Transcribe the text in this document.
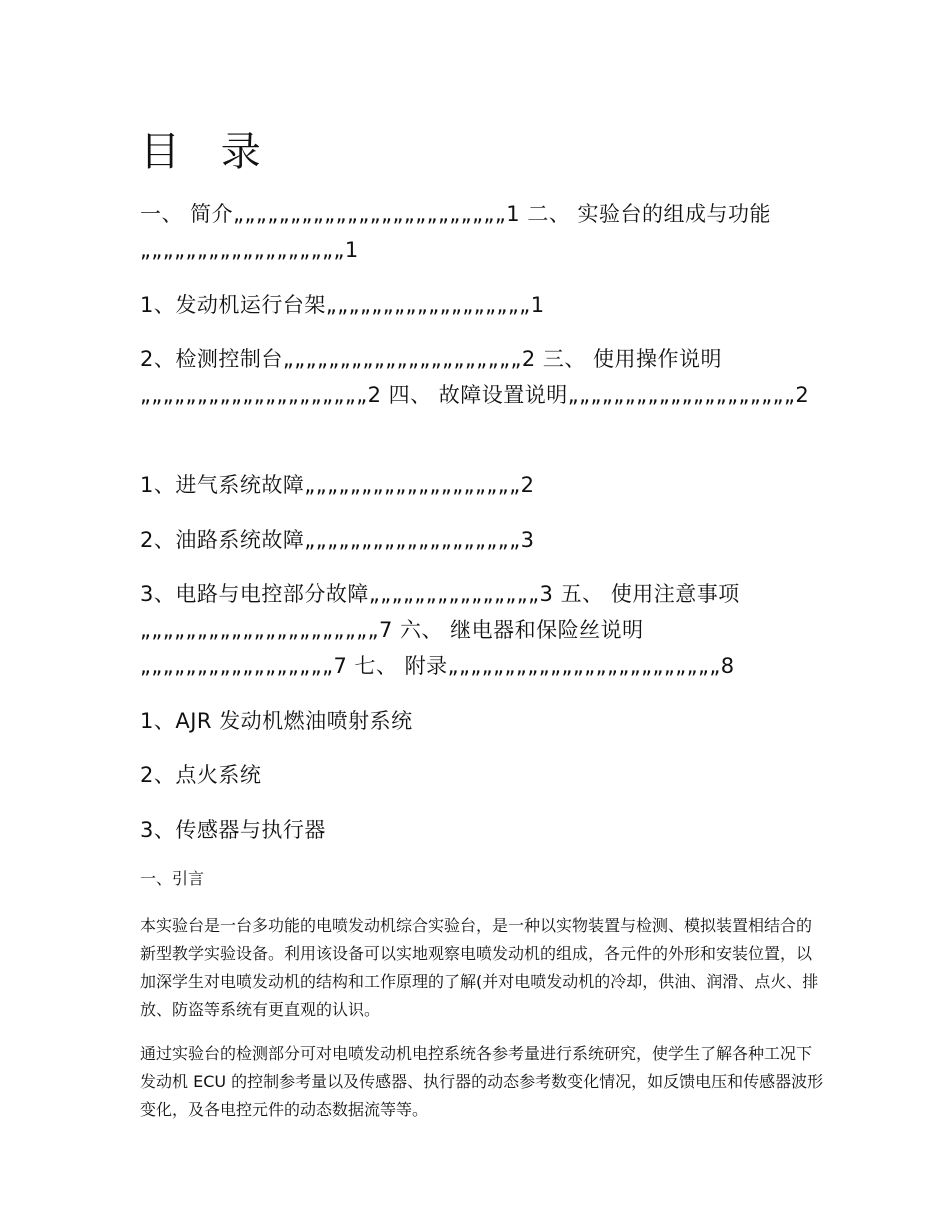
目 录

一、 简介„„„„„„„„„„„„„„„„„„„„„„„„1 二、 实验台的组成与功能„„„„„„„„„„„„„„„„„„1

1、发动机运行台架„„„„„„„„„„„„„„„„„„1

2、检测控制台„„„„„„„„„„„„„„„„„„„„„2 三、 使用操作说明„„„„„„„„„„„„„„„„„„„„2 四、 故障设置说明„„„„„„„„„„„„„„„„„„„„2

1、进气系统故障„„„„„„„„„„„„„„„„„„„2

2、油路系统故障„„„„„„„„„„„„„„„„„„„3

3、电路与电控部分故障„„„„„„„„„„„„„„„3 五、 使用注意事项„„„„„„„„„„„„„„„„„„„„„7 六、 继电器和保险丝说明„„„„„„„„„„„„„„„„„7 七、 附录„„„„„„„„„„„„„„„„„„„„„„„„8

1、AJR 发动机燃油喷射系统

2、点火系统

3、传感器与执行器

一、引言

本实验台是一台多功能的电喷发动机综合实验台，是一种以实物装置与检测、模拟装置相结合的新型教学实验设备。利用该设备可以实地观察电喷发动机的组成，各元件的外形和安装位置，以加深学生对电喷发动机的结构和工作原理的了解(并对电喷发动机的冷却，供油、润滑、点火、排放、防盗等系统有更直观的认识。

通过实验台的检测部分可对电喷发动机电控系统各参考量进行系统研究，使学生了解各种工况下发动机 ECU 的控制参考量以及传感器、执行器的动态参考数变化情况，如反馈电压和传感器波形变化，及各电控元件的动态数据流等等。
